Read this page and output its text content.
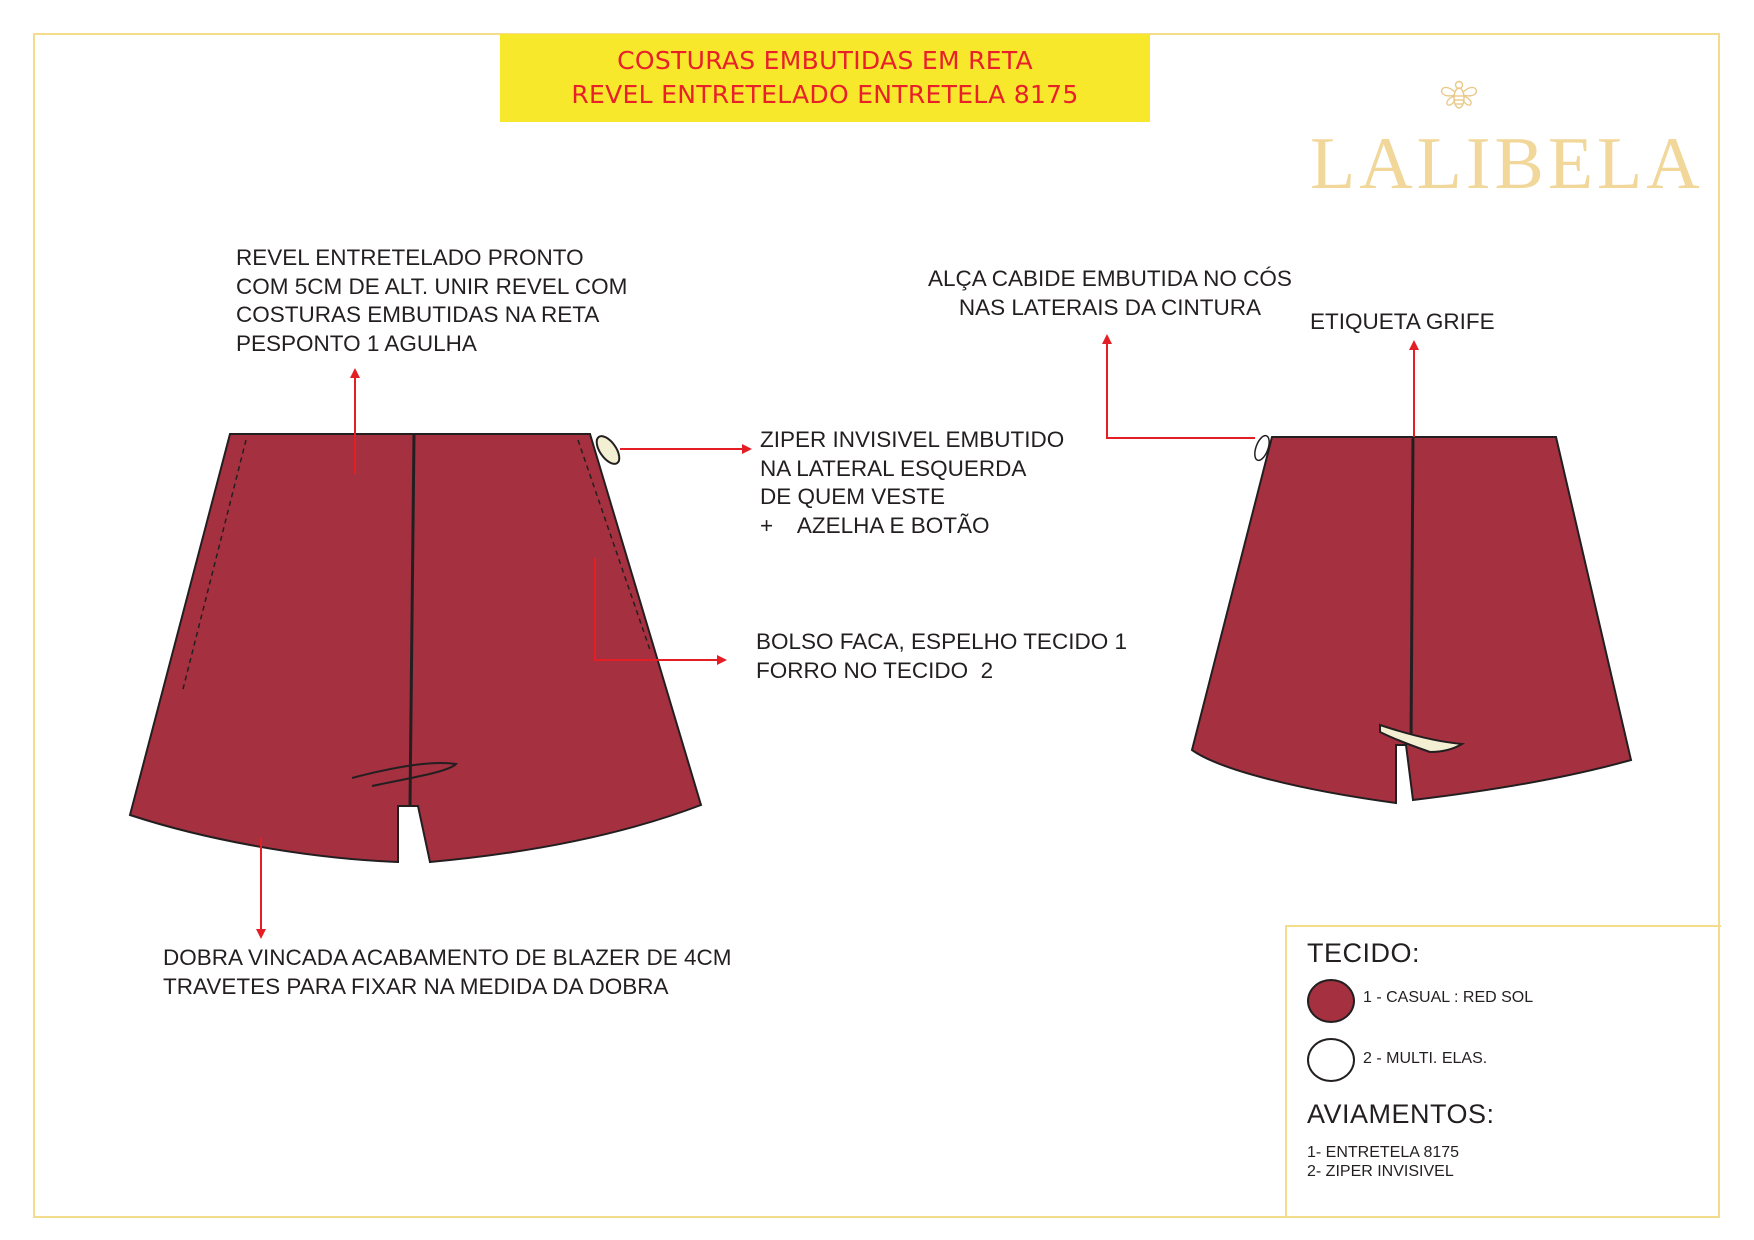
COSTURAS EMBUTIDAS EM RETA
REVEL ENTRETELADO ENTRETELA 8175
LALIBELA
REVEL ENTRETELADO PRONTO
COM 5CM DE ALT. UNIR REVEL COM
COSTURAS EMBUTIDAS NA RETA
PESPONTO 1 AGULHA
ZIPER INVISIVEL EMBUTIDO
NA LATERAL ESQUERDA
DE QUEM VESTE
+    AZELHA E BOTÃO
BOLSO FACA, ESPELHO TECIDO 1
FORRO NO TECIDO  2
DOBRA VINCADA ACABAMENTO DE BLAZER DE 4CM
TRAVETES PARA FIXAR NA MEDIDA DA DOBRA
ALÇA CABIDE EMBUTIDA NO CÓS
NAS LATERAIS DA CINTURA
ETIQUETA GRIFE
TECIDO:
1 - CASUAL : RED SOL
2 - MULTI. ELAS.
AVIAMENTOS:
1- ENTRETELA 8175
2- ZIPER INVISIVEL
